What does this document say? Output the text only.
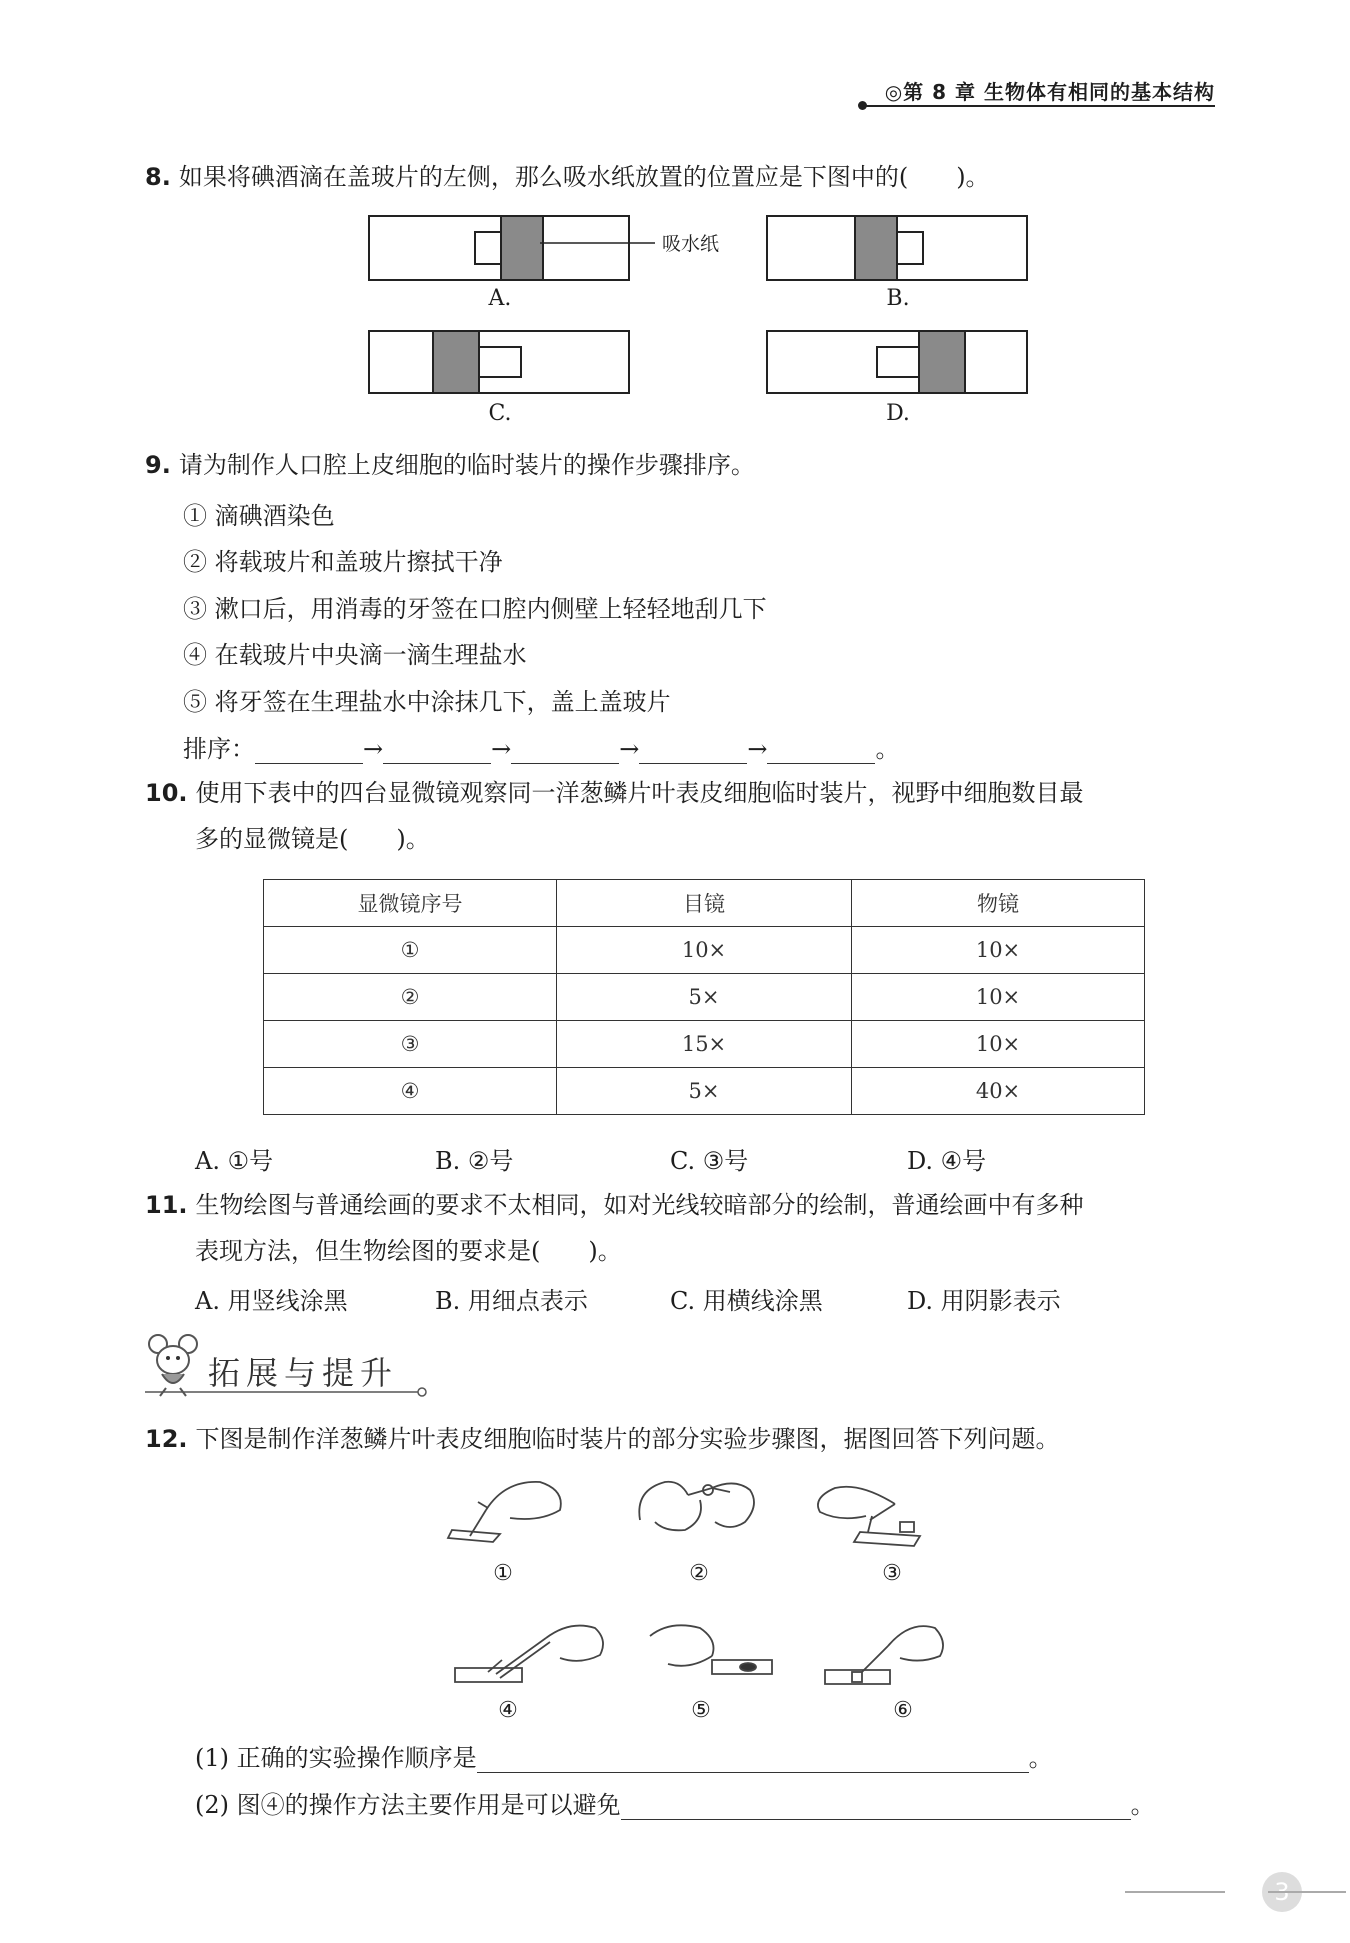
◎第 8 章 生物体有相同的基本结构
8. 如果将碘酒滴在盖玻片的左侧，那么吸水纸放置的位置应是下图中的(　　)。
吸水纸
A.	B.
C.	D.
9. 请为制作人口腔上皮细胞的临时装片的操作步骤排序。
① 滴碘酒染色
② 将载玻片和盖玻片擦拭干净
③ 漱口后，用消毒的牙签在口腔内侧壁上轻轻地刮几下
④ 在载玻片中央滴一滴生理盐水
⑤ 将牙签在生理盐水中涂抹几下，盖上盖玻片
排序：	→	→	→	→	。
10. 使用下表中的四台显微镜观察同一洋葱鳞片叶表皮细胞临时装片，视野中细胞数目最
多的显微镜是(　　)。
显微镜序号	目镜	物镜
①	10×	10×
②	5×	10×
③	15×	10×
④	5×	40×
A. ①号	B. ②号	C. ③号	D. ④号
11. 生物绘图与普通绘画的要求不太相同，如对光线较暗部分的绘制，普通绘画中有多种
表现方法，但生物绘图的要求是(　　)。
A. 用竖线涂黑	B. 用细点表示	C. 用横线涂黑	D. 用阴影表示
拓展与提升
12. 下图是制作洋葱鳞片叶表皮细胞临时装片的部分实验步骤图，据图回答下列问题。
①	②	③
④	⑤	⑥
(1) 正确的实验操作顺序是	。
(2) 图④的操作方法主要作用是可以避免	。
